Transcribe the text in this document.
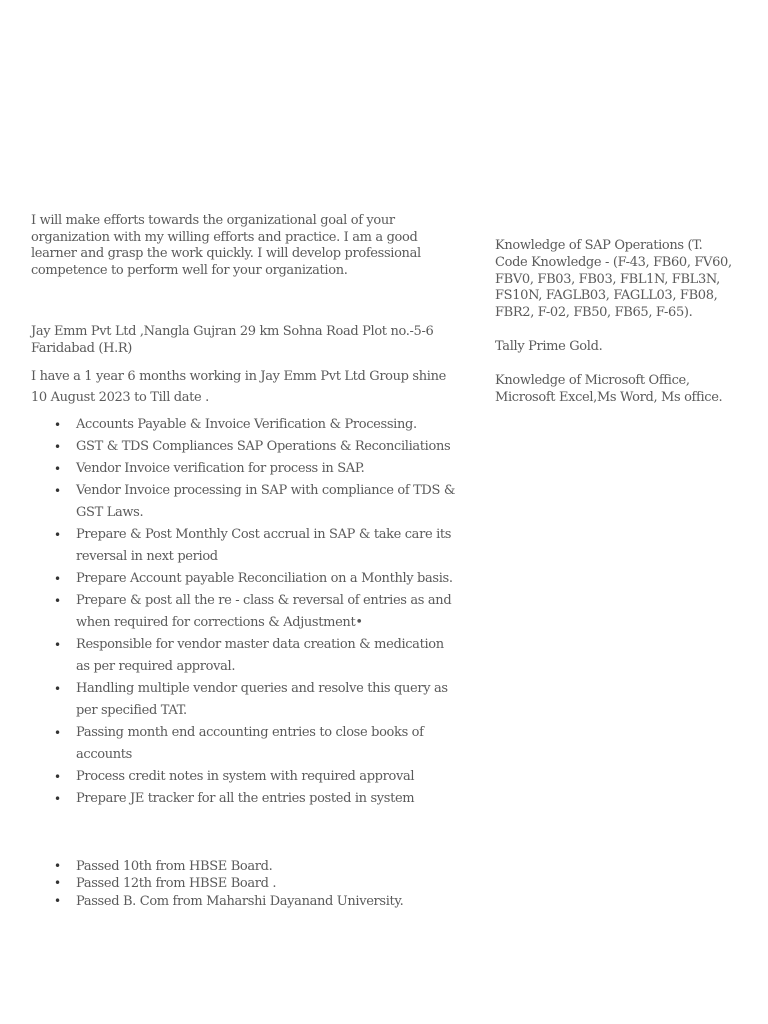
I will make efforts towards the organizational goal of your organization with my willing efforts and practice. I am a good learner and grasp the work quickly. I will develop professional competence to perform well for your organization.

Jay Emm Pvt Ltd ,Nangla Gujran 29 km Sohna Road Plot no.-5-6 Faridabad (H.R)

I have a 1 year 6 months working in Jay Emm Pvt Ltd Group shine 10 August 2023 to Till date .

• Accounts Payable & Invoice Verification & Processing.
• GST & TDS Compliances SAP Operations & Reconciliations
• Vendor Invoice verification for process in SAP.
• Vendor Invoice processing in SAP with compliance of TDS & GST Laws.
• Prepare & Post Monthly Cost accrual in SAP & take care its reversal in next period
• Prepare Account payable Reconciliation on a Monthly basis.
• Prepare & post all the re - class & reversal of entries as and when required for corrections & Adjustment•
• Responsible for vendor master data creation & medication as per required approval.
• Handling multiple vendor queries and resolve this query as per specified TAT.
• Passing month end accounting entries to close books of accounts
• Process credit notes in system with required approval
• Prepare JE tracker for all the entries posted in system
• Passed 10th from HBSE Board.
• Passed 12th from HBSE Board .
• Passed B. Com from Maharshi Dayanand University.

Knowledge of SAP Operations (T. Code Knowledge - (F-43, FB60, FV60, FBV0, FB03, FB03, FBL1N, FBL3N, FS10N, FAGLB03, FAGLL03, FB08, FBR2, F-02, FB50, FB65, F-65).

Tally Prime Gold.

Knowledge of Microsoft Office, Microsoft Excel,Ms Word, Ms office.
